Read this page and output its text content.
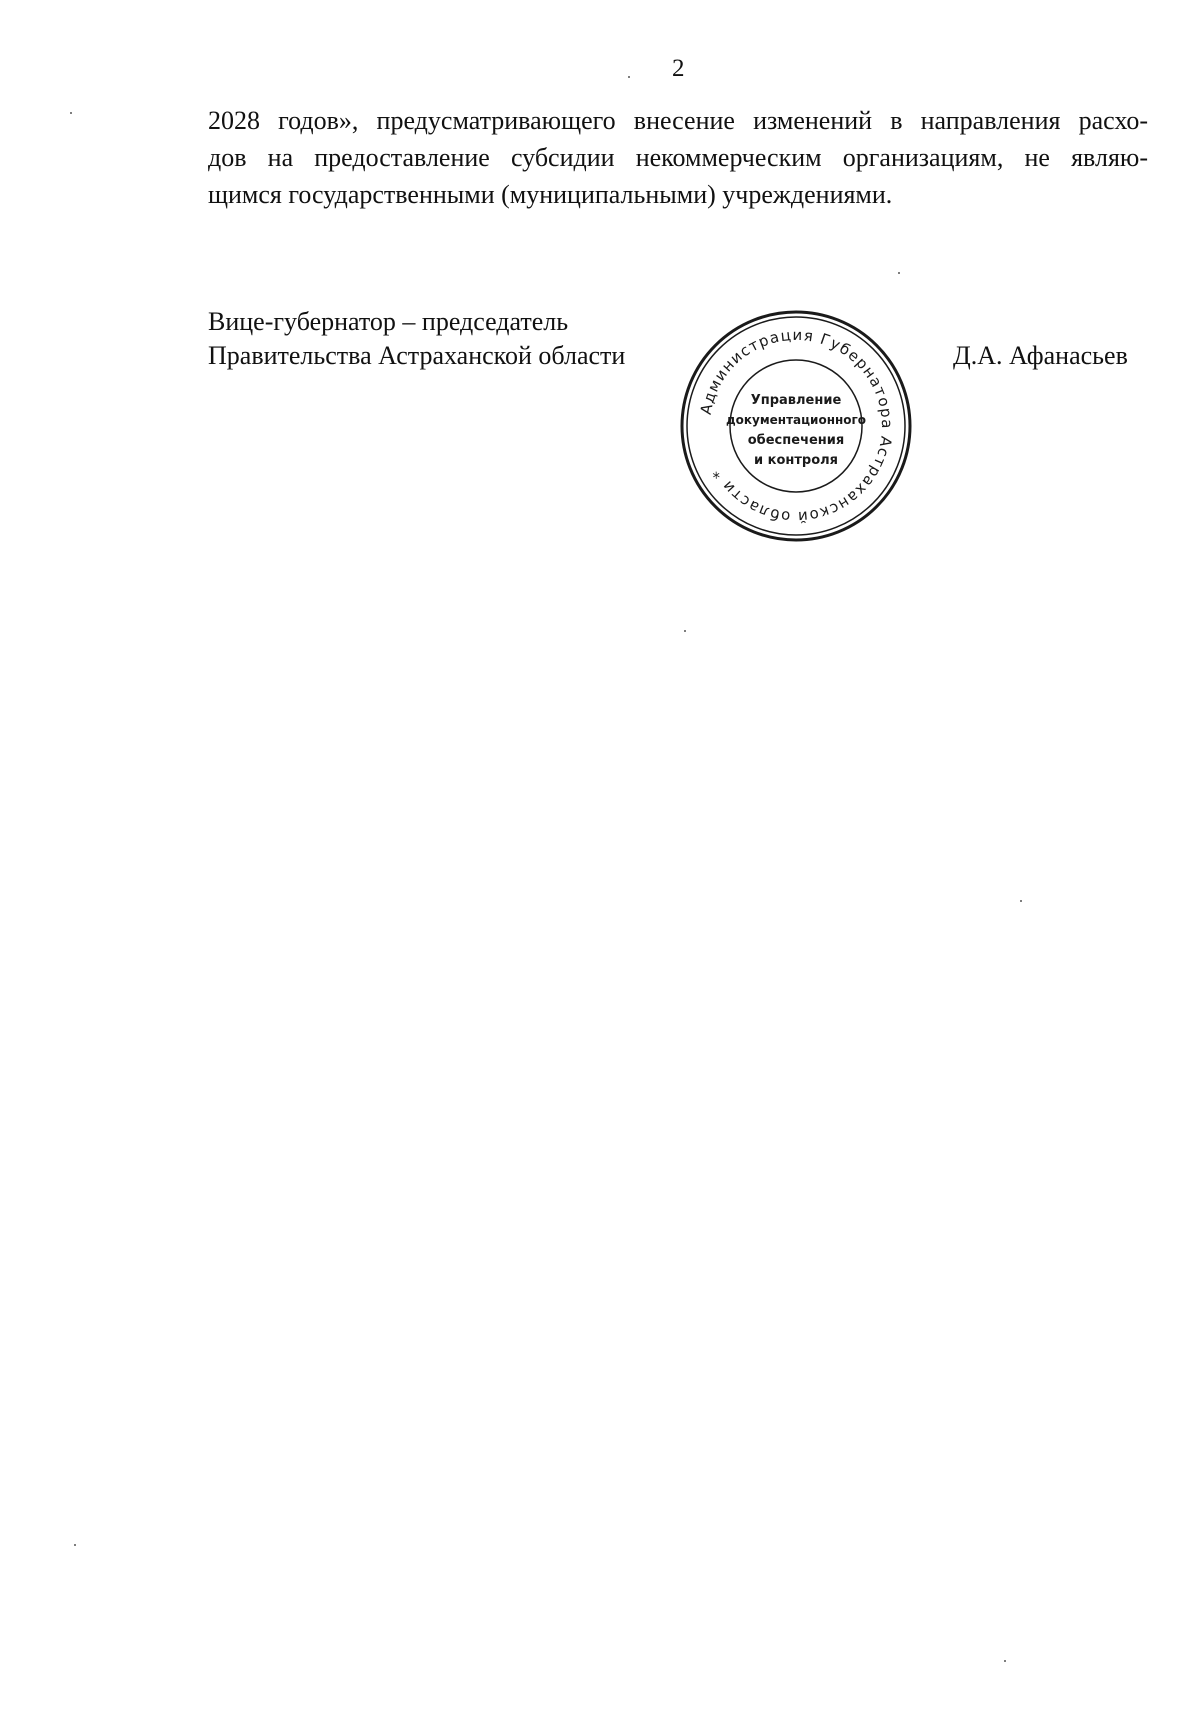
2
2028 годов», предусматривающего внесение изменений в направления расхо-
дов на предоставление субсидии некоммерческим организациям, не являю-
щимся государственными (муниципальными) учреждениями.
Вице-губернатор – председатель
Правительства Астраханской области	Д.А. Афанасьев
Администрация Губернатора Астраханской области *
Управление
документационного
обеспечения
и контроля
